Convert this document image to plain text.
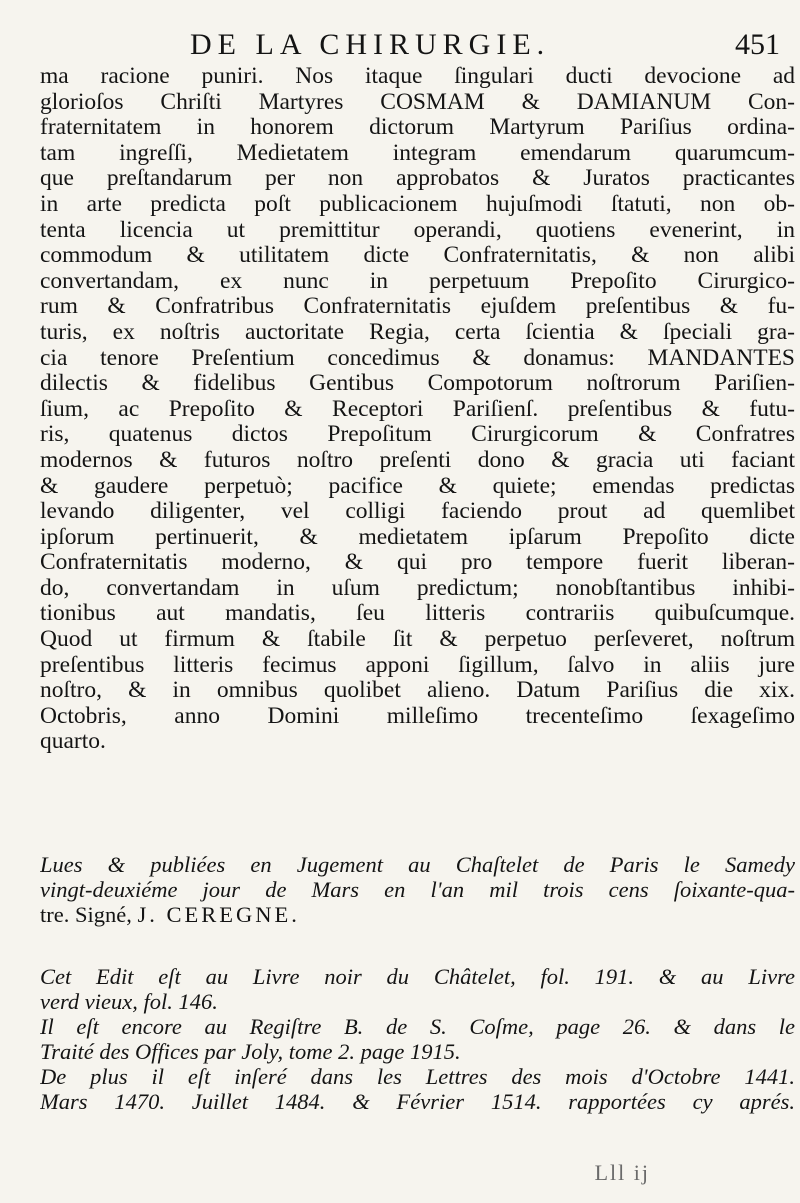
DE LA CHIRURGIE.	451
ma racione puniri. Nos itaque ſingulari ducti devocione ad
glorioſos Chriſti Martyres COSMAM & DAMIANUM Con-
fraternitatem in honorem dictorum Martyrum Pariſius ordina-
tam ingreſſi, Medietatem integram emendarum quarumcum-
que preſtandarum per non approbatos & Juratos practicantes
in arte predicta poſt publicacionem hujuſmodi ſtatuti, non ob-
tenta licencia ut premittitur operandi, quotiens evenerint, in
commodum & utilitatem dicte Confraternitatis, & non alibi
convertandam, ex nunc in perpetuum Prepoſito Cirurgico-
rum & Confratribus Confraternitatis ejuſdem preſentibus & fu-
turis, ex noſtris auctoritate Regia, certa ſcientia & ſpeciali gra-
cia tenore Preſentium concedimus & donamus: MANDANTES
dilectis & fidelibus Gentibus Compotorum noſtrorum Pariſien-
ſium, ac Prepoſito & Receptori Pariſienſ. preſentibus & futu-
ris, quatenus dictos Prepoſitum Cirurgicorum & Confratres
modernos & futuros noſtro preſenti dono & gracia uti faciant
& gaudere perpetuò; pacifice & quiete; emendas predictas
levando diligenter, vel colligi faciendo prout ad quemlibet
ipſorum pertinuerit, & medietatem ipſarum Prepoſito dicte
Confraternitatis moderno, & qui pro tempore fuerit liberan-
do, convertandam in uſum predictum; nonobſtantibus inhibi-
tionibus aut mandatis, ſeu litteris contrariis quibuſcumque.
Quod ut firmum & ſtabile ſit & perpetuo perſeveret, noſtrum
preſentibus litteris fecimus apponi ſigillum, ſalvo in aliis jure
noſtro, & in omnibus quolibet alieno. Datum Pariſius die xix.
Octobris, anno Domini milleſimo trecenteſimo ſexageſimo
quarto.
Lues & publiées en Jugement au Chaſtelet de Paris le Samedy
vingt-deuxiéme jour de Mars en l'an mil trois cens ſoixante-qua-
tre. Signé, J. CEREGNE.
Cet Edit eſt au Livre noir du Châtelet, fol. 191. & au Livre
verd vieux, fol. 146.
Il eſt encore au Regiſtre B. de S. Coſme, page 26. & dans le
Traité des Offices par Joly, tome 2. page 1915.
De plus il eſt inſeré dans les Lettres des mois d'Octobre 1441.
Mars 1470. Juillet 1484. & Février 1514. rapportées cy aprés.
Lll ij
